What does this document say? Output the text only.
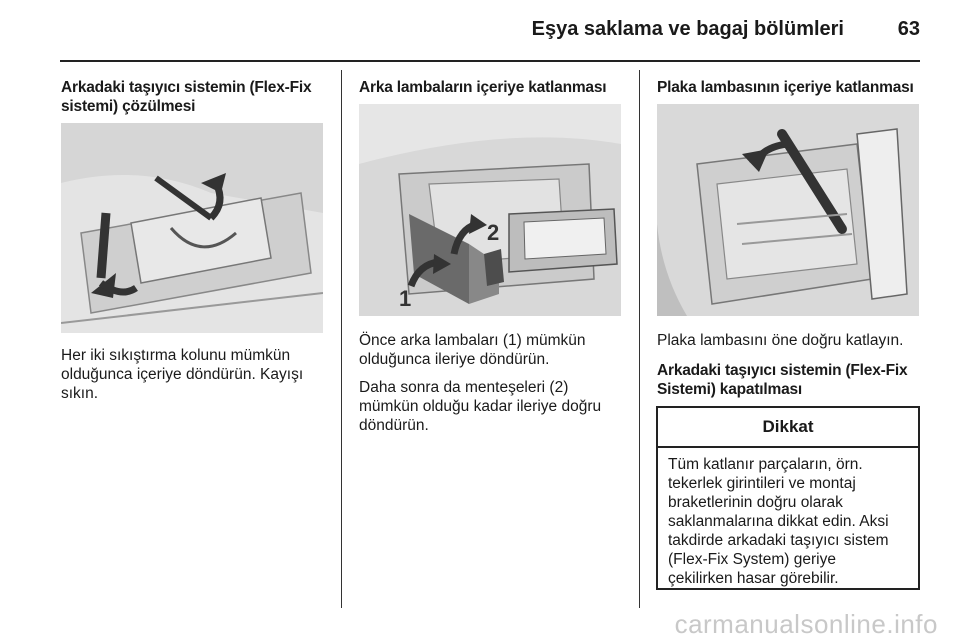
Eşya saklama ve bagaj bölümleri	63

Arkadaki taşıyıcı sistemin (Flex-Fix
sistemi) çözülmesi

Her iki sıkıştırma kolunu mümkün
olduğunca içeriye döndürün. Kayışı
sıkın.

Arka lambaların içeriye katlanması

1
2

Önce arka lambaları (1) mümkün
olduğunca ileriye döndürün.

Daha sonra da menteşeleri (2)
mümkün olduğu kadar ileriye doğru
döndürün.

Plaka lambasının içeriye katlanması

Plaka lambasını öne doğru katlayın.

Arkadaki taşıyıcı sistemin (Flex-Fix
Sistemi) kapatılması

Dikkat
Tüm katlanır parçaların, örn.
tekerlek girintileri ve montaj
braketlerinin doğru olarak
saklanmalarına dikkat edin. Aksi
takdirde arkadaki taşıyıcı sistem
(Flex-Fix System) geriye
çekilirken hasar görebilir.
carmanualsonline.info
